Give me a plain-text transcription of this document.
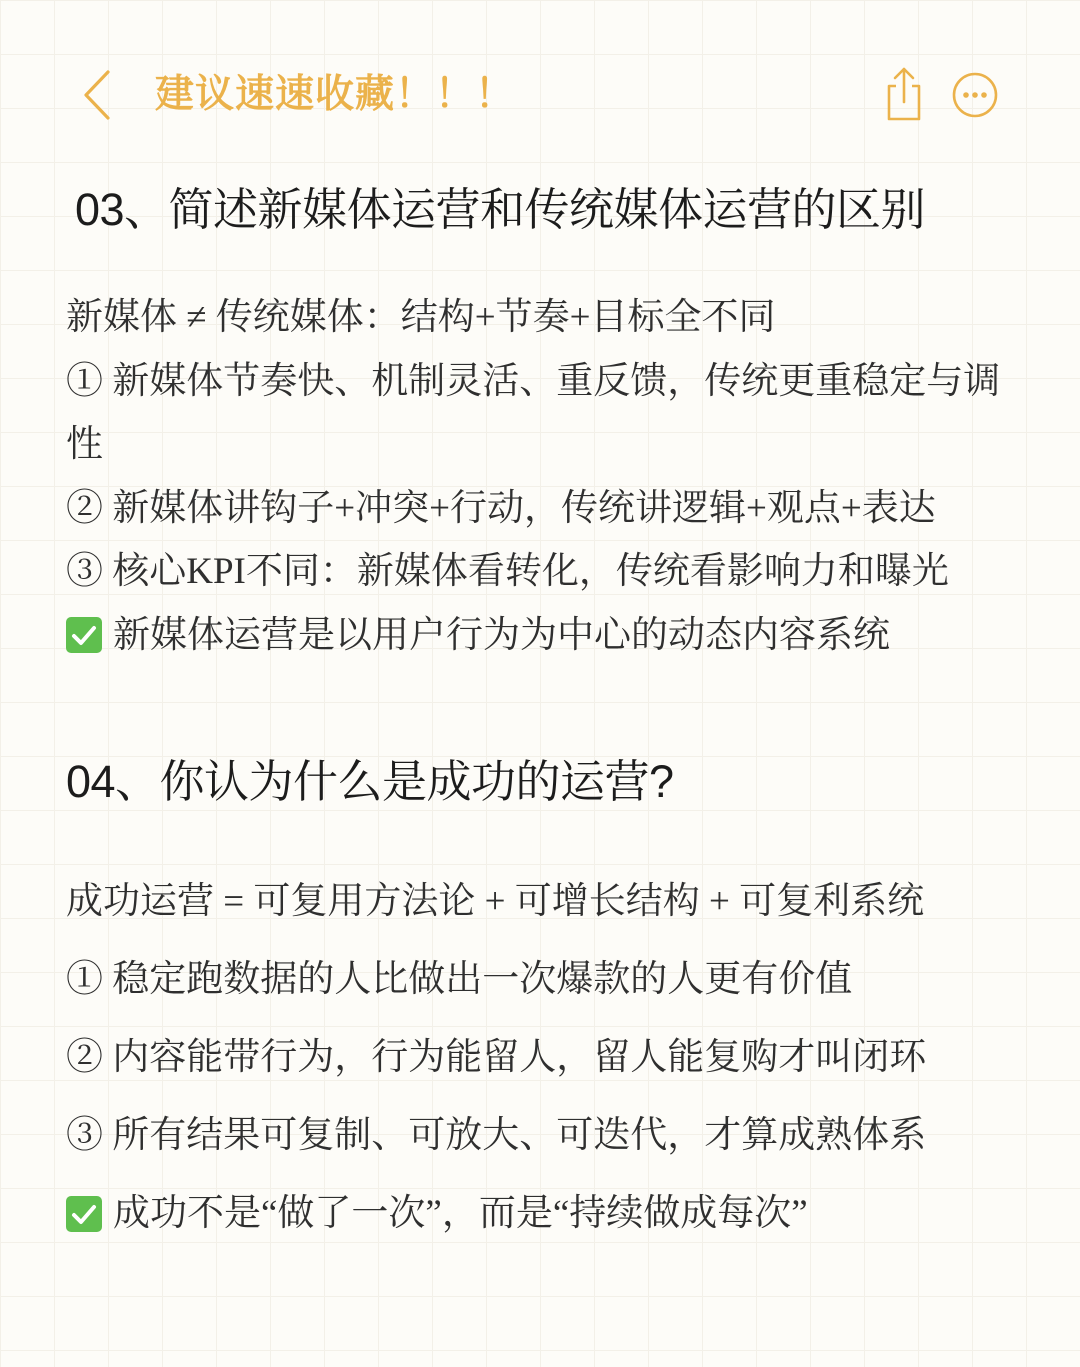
建议速速收藏！！！
03、简述新媒体运营和传统媒体运营的区别

新媒体 ≠ 传统媒体：结构+节奏+目标全不同

① 新媒体节奏快、机制灵活、重反馈，传统更重稳定与调性

② 新媒体讲钩子+冲突+行动，传统讲逻辑+观点+表达

③ 核心KPI不同：新媒体看转化，传统看影响力和曝光

新媒体运营是以用户行为为中心的动态内容系统

04、你认为什么是成功的运营?

成功运营 = 可复用方法论 + 可增长结构 + 可复利系统

① 稳定跑数据的人比做出一次爆款的人更有价值

② 内容能带行为，行为能留人，留人能复购才叫闭环

③ 所有结果可复制、可放大、可迭代，才算成熟体系

成功不是“做了一次”，而是“持续做成每次”
